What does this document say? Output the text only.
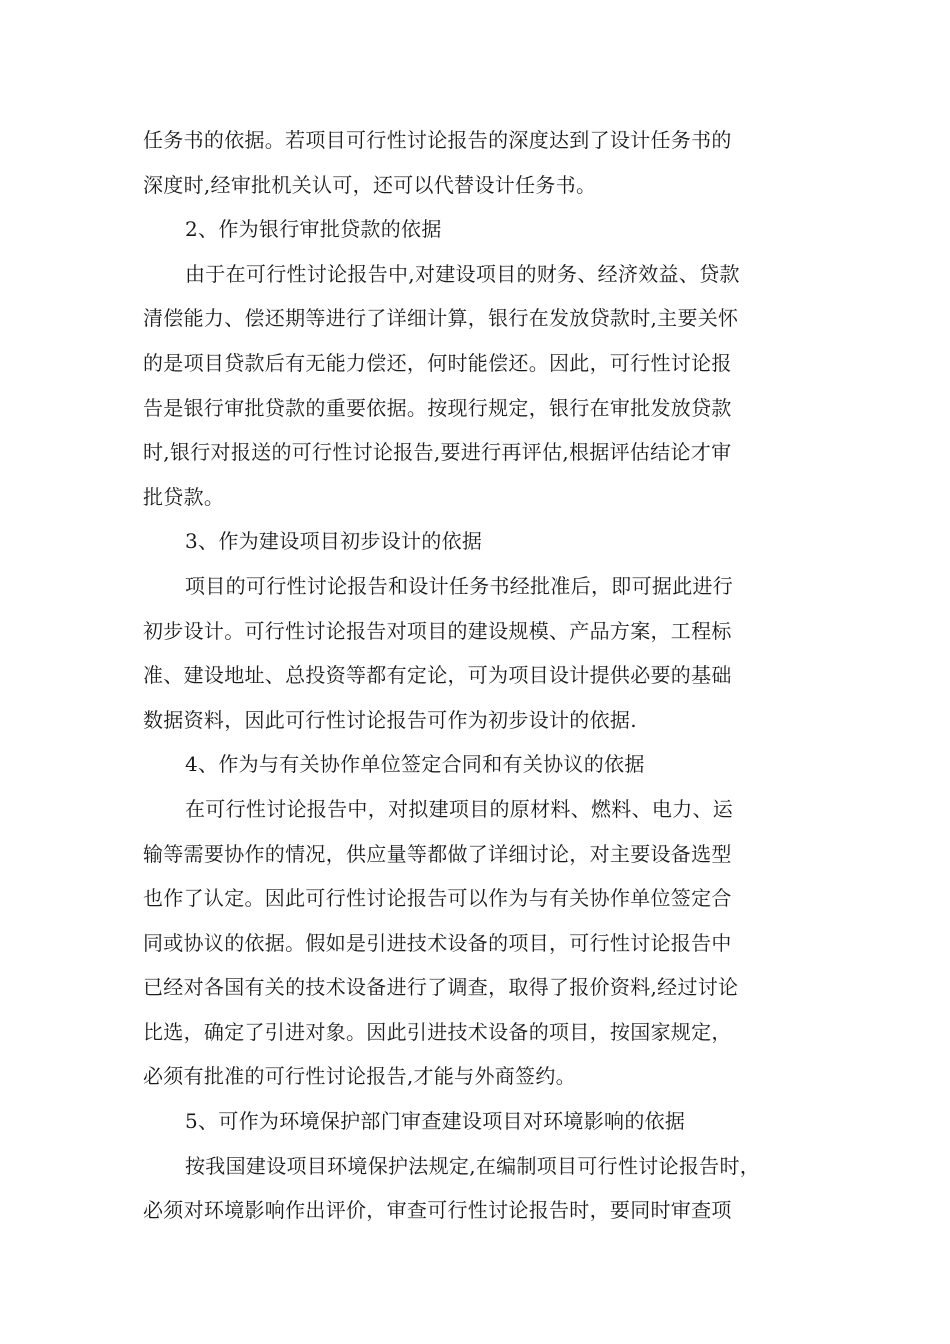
任务书的依据。若项目可行性讨论报告的深度达到了设计任务书的
深度时,经审批机关认可，还可以代替设计任务书。
2、作为银行审批贷款的依据
由于在可行性讨论报告中,对建设项目的财务、经济效益、贷款
清偿能力、偿还期等进行了详细计算，银行在发放贷款时,主要关怀
的是项目贷款后有无能力偿还，何时能偿还。因此，可行性讨论报
告是银行审批贷款的重要依据。按现行规定，银行在审批发放贷款
时,银行对报送的可行性讨论报告,要进行再评估,根据评估结论才审
批贷款。
3、作为建设项目初步设计的依据
项目的可行性讨论报告和设计任务书经批准后，即可据此进行
初步设计。可行性讨论报告对项目的建设规模、产品方案，工程标
准、建设地址、总投资等都有定论，可为项目设计提供必要的基础
数据资料，因此可行性讨论报告可作为初步设计的依据.
4、作为与有关协作单位签定合同和有关协议的依据
在可行性讨论报告中，对拟建项目的原材料、燃料、电力、运
输等需要协作的情况，供应量等都做了详细讨论，对主要设备选型
也作了认定。因此可行性讨论报告可以作为与有关协作单位签定合
同或协议的依据。假如是引进技术设备的项目，可行性讨论报告中
已经对各国有关的技术设备进行了调查，取得了报价资料,经过讨论
比选，确定了引进对象。因此引进技术设备的项目，按国家规定，
必须有批准的可行性讨论报告,才能与外商签约。
5、可作为环境保护部门审查建设项目对环境影响的依据
按我国建设项目环境保护法规定,在编制项目可行性讨论报告时，
必须对环境影响作出评价，审查可行性讨论报告时，要同时审查项
